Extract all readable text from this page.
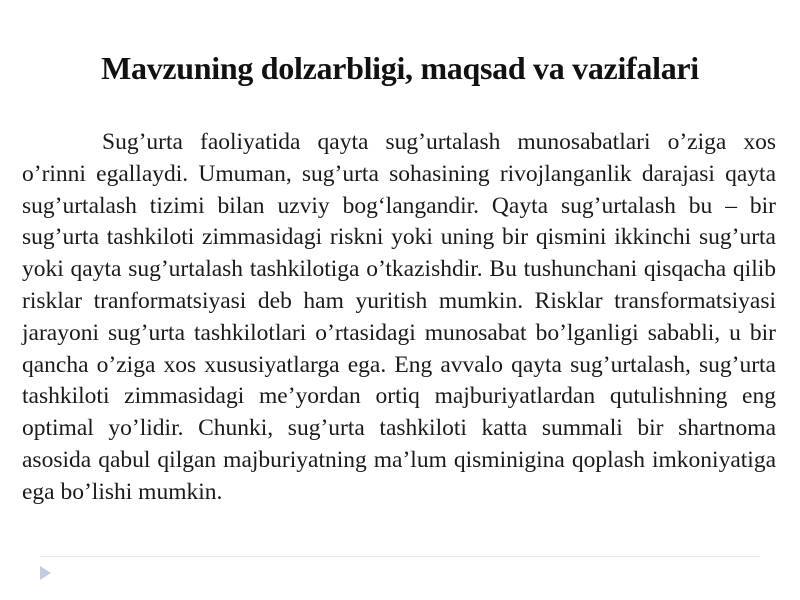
Mavzuning dolzarbligi, maqsad va vazifalari

Sug’urta faoliyatida qayta sug’urtalash munosabatlari o’ziga xos o’rinni egallaydi. Umuman, sug’urta sohasining rivojlanganlik darajasi qayta sug’urtalash tizimi bilan uzviy bog‘langandir. Qayta sug’urtalash bu – bir sug’urta tashkiloti zimmasidagi riskni yoki uning bir qismini ikkinchi sug’urta yoki qayta sug’urtalash tashkilotiga o’tkazishdir. Bu tushunchani qisqacha qilib risklar tranformatsiyasi deb ham yuritish mumkin. Risklar transformatsiyasi jarayoni sug’urta tashkilotlari o’rtasidagi munosabat bo’lganligi sababli, u bir qancha o’ziga xos xususiyatlarga ega. Eng avvalo qayta sug’urtalash, sug’urta tashkiloti zimmasidagi me’yordan ortiq majburiyatlardan qutulishning eng optimal yo’lidir. Chunki, sug’urta tashkiloti katta summali bir shartnoma asosida qabul qilgan majburiyatning ma’lum qisminigina qoplash imkoniyatiga ega bo’lishi mumkin.
